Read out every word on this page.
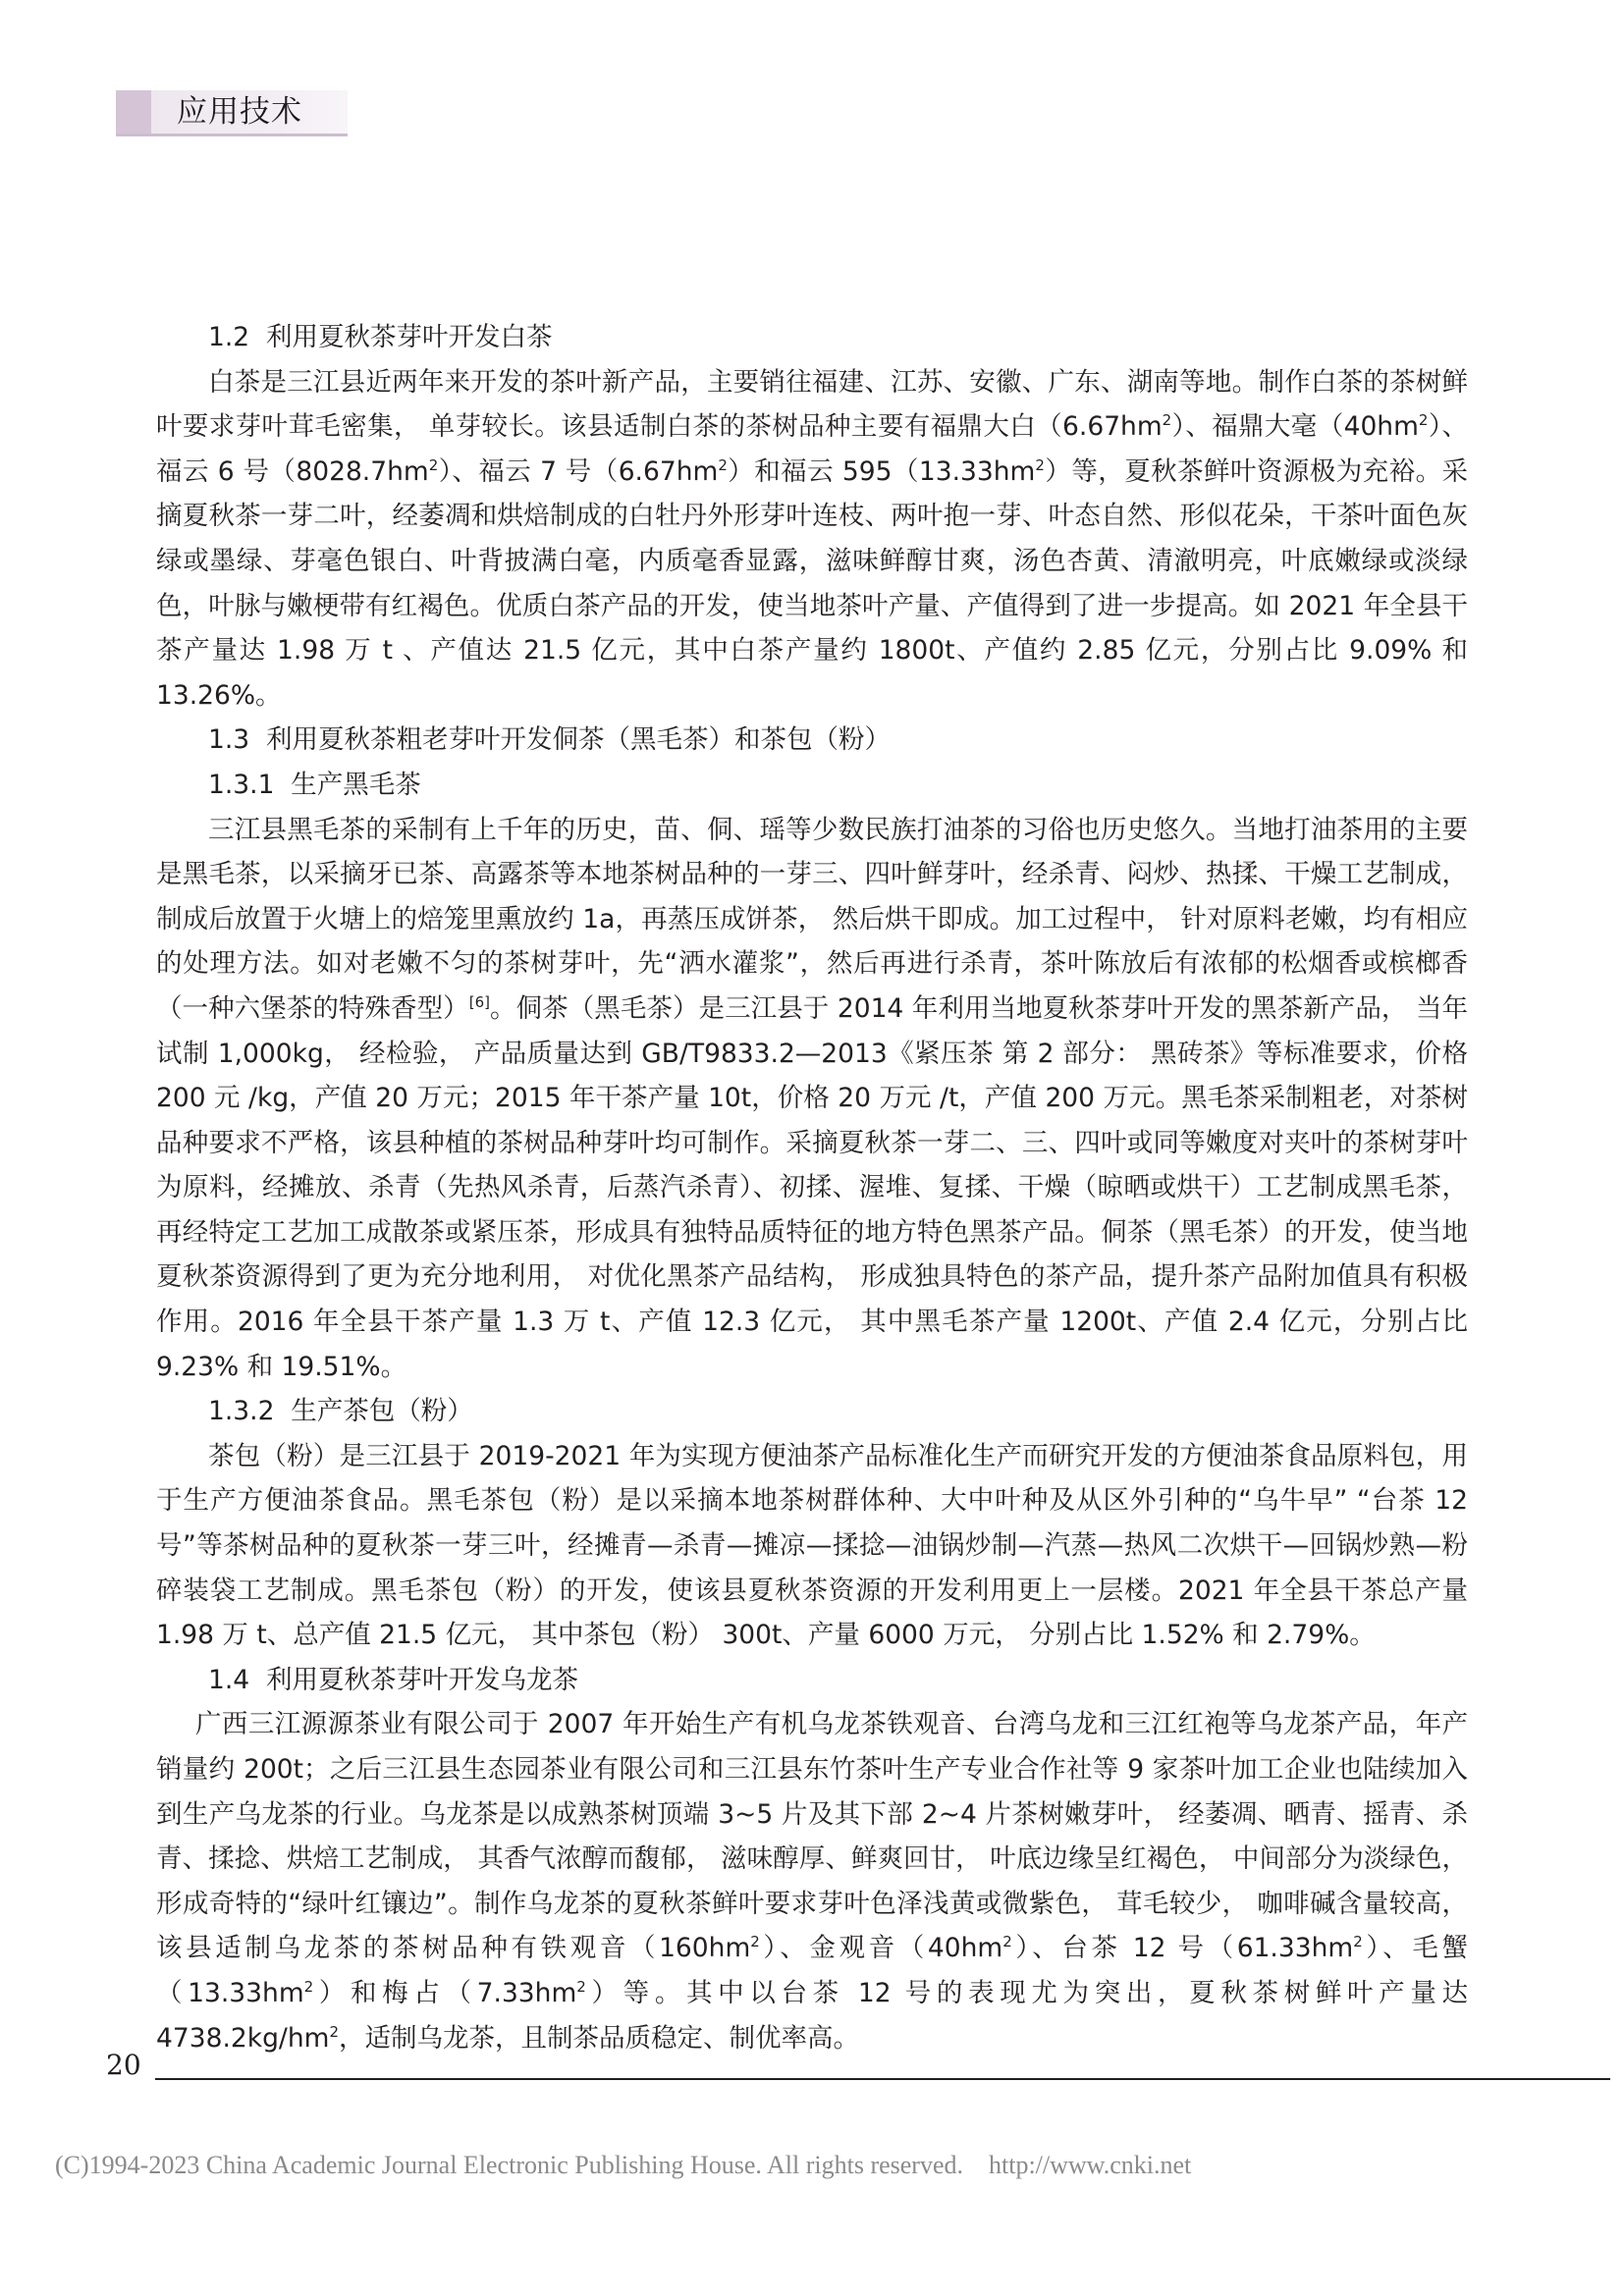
应用技术

1.2  利用夏秋茶芽叶开发白茶

白茶是三江县近两年来开发的茶叶新产品，主要销往福建、江苏、安徽、广东、湖南等地。制作白茶的茶树鲜叶要求芽叶茸毛密集， 单芽较长。该县适制白茶的茶树品种主要有福鼎大白$(6.67hm^2)$、福鼎大毫$(40hm^2)$、福云 6 号$(8028.7hm^2)$、福云 7 号$(6.67hm^2)$和福云 $595(13.33hm^2)$等，夏秋茶鲜叶资源极为充裕。采摘夏秋茶一芽二叶，经萎凋和烘焙制成的白牡丹外形芽叶连枝、两叶抱一芽、叶态自然、形似花朵，干茶叶面色灰绿或墨绿、芽毫色银白、叶背披满白毫，内质毫香显露，滋味鲜醇甘爽，汤色杏黄、清澈明亮，叶底嫩绿或淡绿色，叶脉与嫩梗带有红褐色。优质白茶产品的开发，使当地茶叶产量、产值得到了进一步提高。如 2021 年全县干茶产量达 1.98 万 t 、产值达 21.5 亿元，其中白茶产量约 1800t、产值约 2.85 亿元，分别占比 9.09% 和 13.26%。

1.3  利用夏秋茶粗老芽叶开发侗茶（黑毛茶）和茶包（粉）

1.3.1  生产黑毛茶

三江县黑毛茶的采制有上千年的历史，苗、侗、瑶等少数民族打油茶的习俗也历史悠久。当地打油茶用的主要是黑毛茶，以采摘牙已茶、高露茶等本地茶树品种的一芽三、四叶鲜芽叶，经杀青、闷炒、热揉、干燥工艺制成， 制成后放置于火塘上的焙笼里熏放约 1a，再蒸压成饼茶， 然后烘干即成。加工过程中， 针对原料老嫩，均有相应的处理方法。如对老嫩不匀的茶树芽叶，先“洒水灌浆”，然后再进行杀青，茶叶陈放后有浓郁的松烟香或槟榔香（一种六堡茶的特殊香型）[6]。侗茶（黑毛茶）是三江县于 2014 年利用当地夏秋茶芽叶开发的黑茶新产品， 当年试制 1,000kg， 经检验， 产品质量达到 GB/T9833.2—2013《紧压茶 第 2 部分： 黑砖茶》等标准要求，价格 200 元 /kg，产值 20 万元；2015 年干茶产量 10t，价格 20 万元 /t，产值 200 万元。黑毛茶采制粗老，对茶树品种要求不严格，该县种植的茶树品种芽叶均可制作。采摘夏秋茶一芽二、三、四叶或同等嫩度对夹叶的茶树芽叶为原料，经摊放、杀青（先热风杀青，后蒸汽杀青）、初揉、渥堆、复揉、干燥（晾晒或烘干）工艺制成黑毛茶，再经特定工艺加工成散茶或紧压茶，形成具有独特品质特征的地方特色黑茶产品。侗茶（黑毛茶）的开发，使当地夏秋茶资源得到了更为充分地利用， 对优化黑茶产品结构， 形成独具特色的茶产品，提升茶产品附加值具有积极作用。2016 年全县干茶产量 1.3 万 t、产值 12.3 亿元， 其中黑毛茶产量 1200t、产值 2.4 亿元，分别占比 9.23% 和 19.51%。

1.3.2  生产茶包（粉）

茶包（粉）是三江县于 2019-2021 年为实现方便油茶产品标准化生产而研究开发的方便油茶食品原料包，用于生产方便油茶食品。黑毛茶包（粉）是以采摘本地茶树群体种、大中叶种及从区外引种的“乌牛早” “台茶 12 号”等茶树品种的夏秋茶一芽三叶，经摊青—杀青—摊凉—揉捻—油锅炒制—汽蒸—热风二次烘干—回锅炒熟—粉碎装袋工艺制成。黑毛茶包（粉）的开发，使该县夏秋茶资源的开发利用更上一层楼。2021 年全县干茶总产量 1.98 万 t、总产值 21.5 亿元， 其中茶包（粉） 300t、产量 6000 万元， 分别占比 1.52% 和 2.79%。

1.4  利用夏秋茶芽叶开发乌龙茶

广西三江源源茶业有限公司于 2007 年开始生产有机乌龙茶铁观音、台湾乌龙和三江红袍等乌龙茶产品，年产销量约 200t；之后三江县生态园茶业有限公司和三江县东竹茶叶生产专业合作社等 9 家茶叶加工企业也陆续加入到生产乌龙茶的行业。乌龙茶是以成熟茶树顶端 3~5 片及其下部 2~4 片茶树嫩芽叶， 经萎凋、晒青、摇青、杀青、揉捻、烘焙工艺制成， 其香气浓醇而馥郁， 滋味醇厚、鲜爽回甘， 叶底边缘呈红褐色， 中间部分为淡绿色，形成奇特的“绿叶红镶边”。制作乌龙茶的夏秋茶鲜叶要求芽叶色泽浅黄或微紫色， 茸毛较少， 咖啡碱含量较高，该县适制乌龙茶的茶树品种有铁观音$(160hm^2)$、金观音$(40hm^2)$、台茶 12 号$(61.33hm^2)$、毛蟹$(13.33hm^2)$和梅占$(7.33hm^2)$等。其中以台茶 12 号的表现尤为突出，夏秋茶树鲜叶产量达 $4738.2kg/hm^2$，适制乌龙茶，且制茶品质稳定、制优率高。

20
(C)1994-2023 China Academic Journal Electronic Publishing House. All rights reserved.    http://www.cnki.net
